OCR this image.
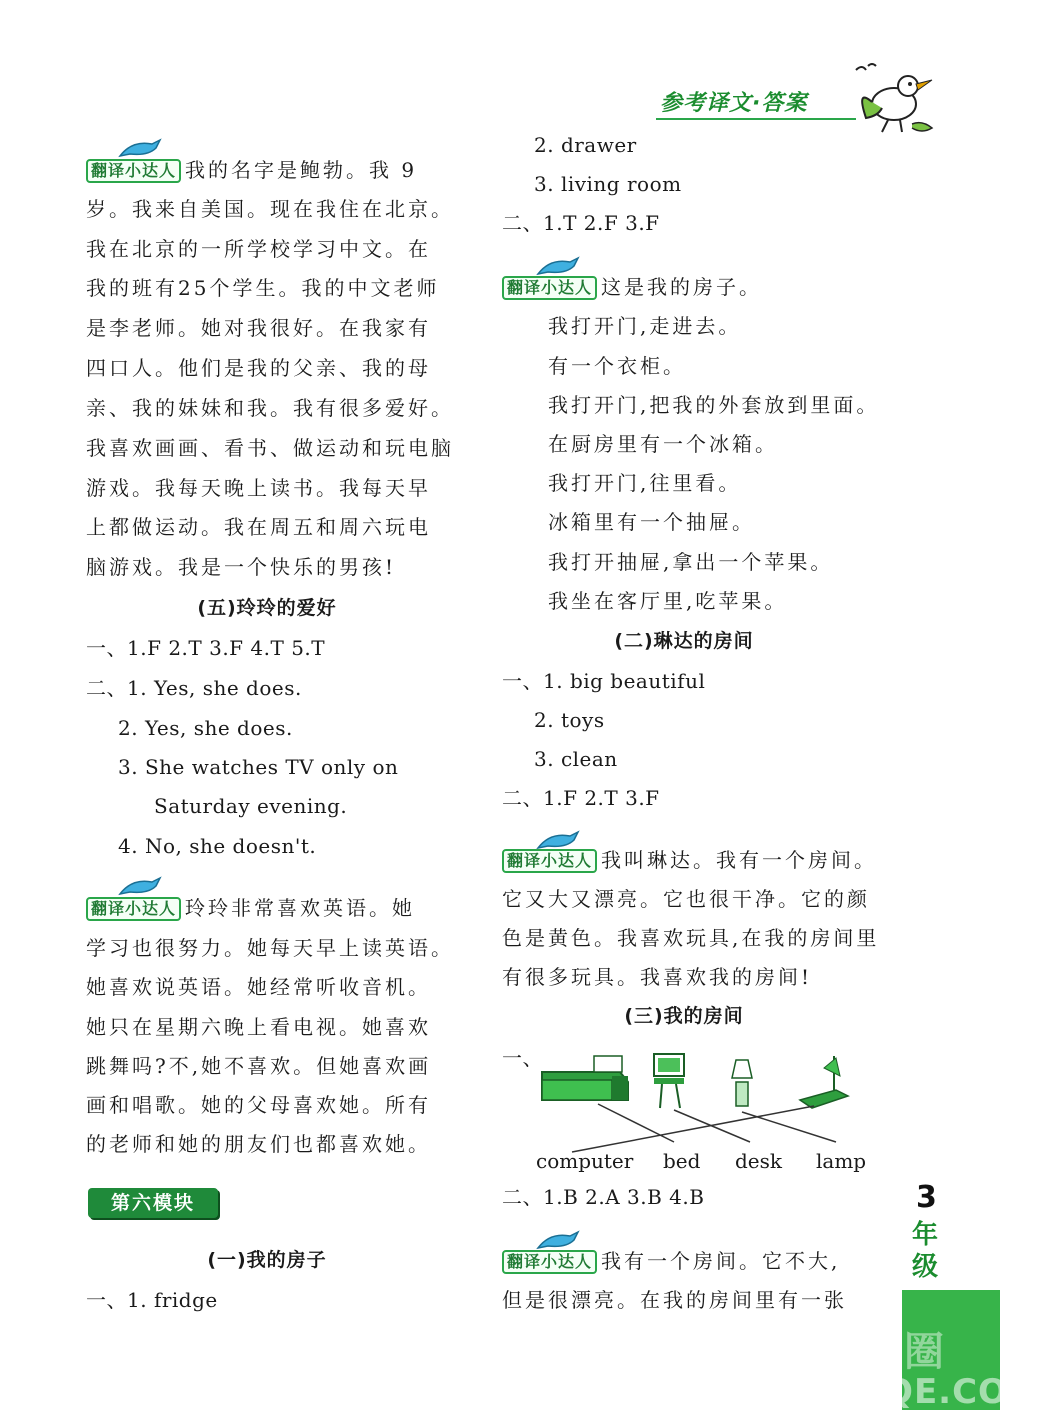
参考译文·答案
翻译小达人 我的名字是鲍勃。我 9
岁。我来自美国。现在我住在北京。
我在北京的一所学校学习中文。在
我的班有25个学生。我的中文老师
是李老师。她对我很好。在我家有
四口人。他们是我的父亲、我的母
亲、我的妹妹和我。我有很多爱好。
我喜欢画画、看书、做运动和玩电脑
游戏。我每天晚上读书。我每天早
上都做运动。我在周五和周六玩电
脑游戏。我是一个快乐的男孩!
(五)玲玲的爱好
一、1.F 2.T 3.F 4.T 5.T
二、1. Yes, she does.
2. Yes, she does.
3. She watches TV only on
Saturday evening.
4. No, she doesn't.
翻译小达人 玲玲非常喜欢英语。她
学习也很努力。她每天早上读英语。
她喜欢说英语。她经常听收音机。
她只在星期六晚上看电视。她喜欢
跳舞吗?不,她不喜欢。但她喜欢画
画和唱歌。她的父母喜欢她。所有
的老师和她的朋友们也都喜欢她。
第六模块
(一)我的房子
一、1. fridge
2. drawer
3. living room
二、1.T 2.F 3.F
翻译小达人 这是我的房子。
我打开门,走进去。
有一个衣柜。
我打开门,把我的外套放到里面。
在厨房里有一个冰箱。
我打开门,往里看。
冰箱里有一个抽屉。
我打开抽屉,拿出一个苹果。
我坐在客厅里,吃苹果。
(二)琳达的房间
一、1. big beautiful
2. toys
3. clean
二、1.F 2.T 3.F
翻译小达人 我叫琳达。我有一个房间。
它又大又漂亮。它也很干净。它的颜
色是黄色。我喜欢玩具,在我的房间里
有很多玩具。我喜欢我的房间!
(三)我的房间
一、
computer bed desk lamp
二、1.B 2.A 3.B 4.B
翻译小达人 我有一个房间。它不大,
但是很漂亮。在我的房间里有一张
3
年
级
答案圈
MXQE.COM
